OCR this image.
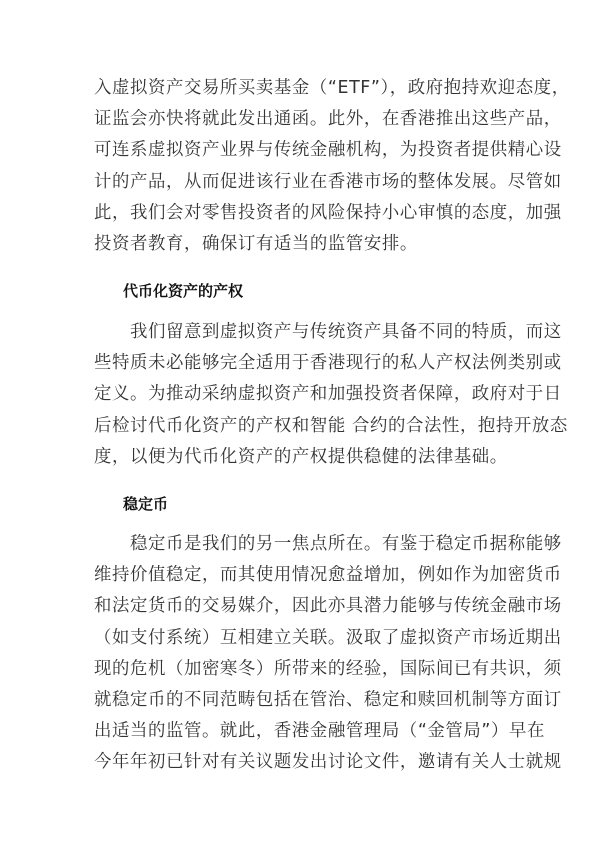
入虚拟资产交易所买卖基金（“ETF”），政府抱持欢迎态度，
证监会亦快将就此发出通函。此外，在香港推出这些产品，
可连系虚拟资产业界与传统金融机构，为投资者提供精心设
计的产品，从而促进该行业在香港市场的整体发展。尽管如
此，我们会对零售投资者的风险保持小心审慎的态度，加强
投资者教育，确保订有适当的监管安排。
代币化资产的产权
　　我们留意到虚拟资产与传统资产具备不同的特质，而这
些特质未必能够完全适用于香港现行的私人产权法例类别或
定义。为推动采纳虚拟资产和加强投资者保障，政府对于日
后检讨代币化资产的产权和智能 合约的合法性，抱持开放态
度，以便为代币化资产的产权提供稳健的法律基础。
稳定币
　　稳定币是我们的另一焦点所在。有鉴于稳定币据称能够
维持价值稳定，而其使用情况愈益增加，例如作为加密货币
和法定货币的交易媒介，因此亦具潜力能够与传统金融市场
（如支付系统）互相建立关联。汲取了虚拟资产市场近期出
现的危机（加密寒冬）所带来的经验，国际间已有共识，须
就稳定币的不同范畴包括在管治、稳定和赎回机制等方面订
出适当的监管。就此，香港金融管理局（“金管局”）早在
今年年初已针对有关议题发出讨论文件，邀请有关人士就规
